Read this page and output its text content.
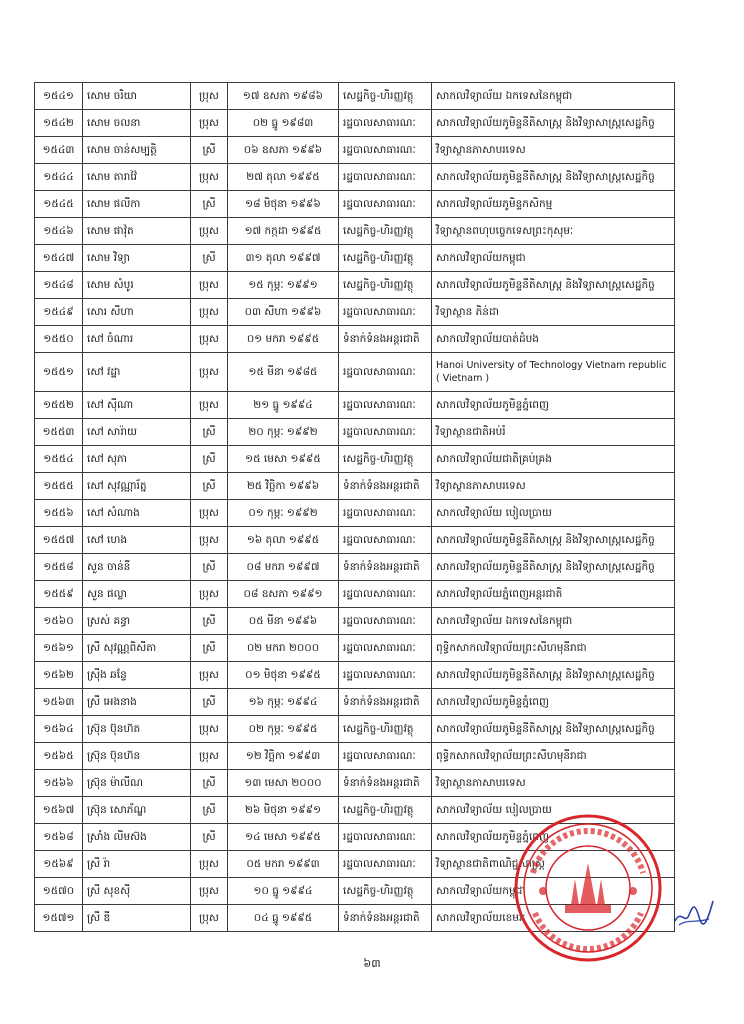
១៥៤១	សោម ចរិយា	ប្រុស	១៧ ឧសភា ១៩៨៦	សេដ្ឋកិច្ច-ហិរញ្ញវត្ថុ	សាកលវិទ្យាល័យ ឯកទេសនៃកម្ពុជា
១៥៤២	សោម ចលនា	ប្រុស	០២ ធ្នូ ១៩៨៣	រដ្ឋបាលសាធារណៈ	សាកលវិទ្យាល័យភូមិន្ទនីតិសាស្ត្រ និងវិទ្យាសាស្ត្រសេដ្ឋកិច្ច
១៥៤៣	សោម ចាន់សម្បត្តិ	ស្រី	០៦ ឧសភា ១៩៩៦	រដ្ឋបាលសាធារណៈ	វិទ្យាស្ថានភាសាបរទេស
១៥៤៤	សោម តារាវ៉ៃ	ប្រុស	២៧ តុលា ១៩៩៥	រដ្ឋបាលសាធារណៈ	សាកលវិទ្យាល័យភូមិន្ទនីតិសាស្ត្រ និងវិទ្យាសាស្ត្រសេដ្ឋកិច្ច
១៥៤៥	សោម ផលីកា	ស្រី	១៨ មិថុនា ១៩៩៦	រដ្ឋបាលសាធារណៈ	សាកលវិទ្យាល័យភូមិន្ទកសិកម្ម
១៥៤៦	សោម ផាវ៉ុត	ប្រុស	១៧ កក្កដា ១៩៩៥	សេដ្ឋកិច្ច-ហិរញ្ញវត្ថុ	វិទ្យាស្ថានពហុបច្ចេកទេសព្រះកុសុមៈ
១៥៤៧	សោម វិទ្យា	ស្រី	៣១ តុលា ១៩៩៧	សេដ្ឋកិច្ច-ហិរញ្ញវត្ថុ	សាកលវិទ្យាល័យកម្ពុជា
១៥៤៨	សោម សំបូរ	ប្រុស	១៥ កុម្ភៈ ១៩៩១	សេដ្ឋកិច្ច-ហិរញ្ញវត្ថុ	សាកលវិទ្យាល័យភូមិន្ទនីតិសាស្ត្រ និងវិទ្យាសាស្ត្រសេដ្ឋកិច្ច
១៥៤៩	សោរ សីហា	ប្រុស	០៣ សីហា ១៩៩៦	រដ្ឋបាលសាធារណៈ	វិទ្យាស្ថាន ភិន់ដា
១៥៥០	សៅ ចំណារ	ប្រុស	០១ មករា ១៩៩៥	ទំនាក់ទំនងអន្តរជាតិ	សាកលវិទ្យាល័យបាត់ដំបង
១៥៥១	សៅ វដ្ឋា	ប្រុស	១៥ មីនា ១៩៨៥	រដ្ឋបាលសាធារណៈ	Hanoi University of Technology Vietnam republic ( Vietnam )
១៥៥២	សៅ ស៊ីណា	ប្រុស	២១ ធ្នូ ១៩៩៤	រដ្ឋបាលសាធារណៈ	សាកលវិទ្យាល័យភូមិន្ទភ្នំពេញ
១៥៥៣	សៅ សារ៉ាយ	ស្រី	២០ កុម្ភៈ ១៩៩២	រដ្ឋបាលសាធារណៈ	វិទ្យាស្ថានជាតិអប់រំ
១៥៥៤	សៅ សុភា	ស្រី	១៥ មេសា ១៩៩៥	សេដ្ឋកិច្ច-ហិរញ្ញវត្ថុ	សាកលវិទ្យាល័យជាតិគ្រប់គ្រង
១៥៥៥	សៅ សុវណ្ណារ័ត្ន	ស្រី	២៥ វិច្ឆិកា ១៩៩៦	ទំនាក់ទំនងអន្តរជាតិ	វិទ្យាស្ថានភាសាបរទេស
១៥៥៦	សៅ សំណាង	ប្រុស	០១ កុម្ភៈ ១៩៩២	រដ្ឋបាលសាធារណៈ	សាកលវិទ្យាល័យ បៀលប្រាយ
១៥៥៧	សៅ ហេង	ប្រុស	១៦ តុលា ១៩៩៥	រដ្ឋបាលសាធារណៈ	សាកលវិទ្យាល័យភូមិន្ទនីតិសាស្ត្រ និងវិទ្យាសាស្ត្រសេដ្ឋកិច្ច
១៥៥៨	សួន ចាន់នី	ស្រី	០៨ មករា ១៩៩៧	ទំនាក់ទំនងអន្តរជាតិ	សាកលវិទ្យាល័យភូមិន្ទនីតិសាស្ត្រ និងវិទ្យាសាស្ត្រសេដ្ឋកិច្ច
១៥៥៩	សួន ផល្លា	ប្រុស	០៨ ឧសភា ១៩៩១	រដ្ឋបាលសាធារណៈ	សាកលវិទ្យាល័យភ្នំពេញអន្តរជាតិ
១៥៦០	ស្រស់ គន្ធា	ស្រី	០៥ មីនា ១៩៩៦	រដ្ឋបាលសាធារណៈ	សាកលវិទ្យាល័យ ឯកទេសនៃកម្ពុជា
១៥៦១	ស្រី សុវណ្ណពិសីតា	ស្រី	០២ មករា ២០០០	រដ្ឋបាលសាធារណៈ	ពុទ្ធិកសាកលវិទ្យាល័យព្រះសីហមុនីរាជា
១៥៦២	ស្រ៊ីង ឆន្ទែ	ប្រុស	០១ មិថុនា ១៩៩៥	រដ្ឋបាលសាធារណៈ	សាកលវិទ្យាល័យភូមិន្ទនីតិសាស្ត្រ និងវិទ្យាសាស្ត្រសេដ្ឋកិច្ច
១៥៦៣	ស្រី អេងនាង	ស្រី	១៦ កុម្ភៈ ១៩៩៤	ទំនាក់ទំនងអន្តរជាតិ	សាកលវិទ្យាល័យភូមិន្ទភ្នំពេញ
១៥៦៤	ស៊្រុន ប៊ុនហ៊ត	ប្រុស	០២ កុម្ភៈ ១៩៩៥	សេដ្ឋកិច្ច-ហិរញ្ញវត្ថុ	សាកលវិទ្យាល័យភូមិន្ទនីតិសាស្ត្រ និងវិទ្យាសាស្ត្រសេដ្ឋកិច្ច
១៥៦៥	ស៊្រុន ប៊ុនហ៊ន	ប្រុស	១២ វិច្ឆិកា ១៩៩៣	រដ្ឋបាលសាធារណៈ	ពុទ្ធិកសាកលវិទ្យាល័យព្រះសីហមុនីរាជា
១៥៦៦	ស៊្រុន ម៉ាលីណ	ស្រី	១៣ មេសា ២០០០	ទំនាក់ទំនងអន្តរជាតិ	វិទ្យាស្ថានភាសាបរទេស
១៥៦៧	ស៊្រុន សោភ័ណ្ឌ	ស្រី	២៦ មិថុនា ១៩៩១	សេដ្ឋកិច្ច-ហិរញ្ញវត្ថុ	សាកលវិទ្យាល័យ បៀលប្រាយ
១៥៦៨	ស្រាំង លីមស៊ង	ស្រី	១៤ មេសា ១៩៩៥	រដ្ឋបាលសាធារណៈ	សាកលវិទ្យាល័យភូមិន្ទភ្នំពេញ
១៥៦៩	ស្រី រ៉ា	ប្រុស	០៥ មករា ១៩៩៣	រដ្ឋបាលសាធារណៈ	វិទ្យាស្ថានជាតិពាណិជ្ជសាស្ត្រ
១៥៧០	ស្រី សុខស៊ី	ប្រុស	១០ ធ្នូ ១៩៩៤	សេដ្ឋកិច្ច-ហិរញ្ញវត្ថុ	សាកលវិទ្យាល័យកម្ពុជា
១៥៧១	ស្រី ឌី	ប្រុស	០៤ ធ្នូ ១៩៩៥	ទំនាក់ទំនងអន្តរជាតិ	សាកលវិទ្យាល័យខេមរៈ
៦៣
